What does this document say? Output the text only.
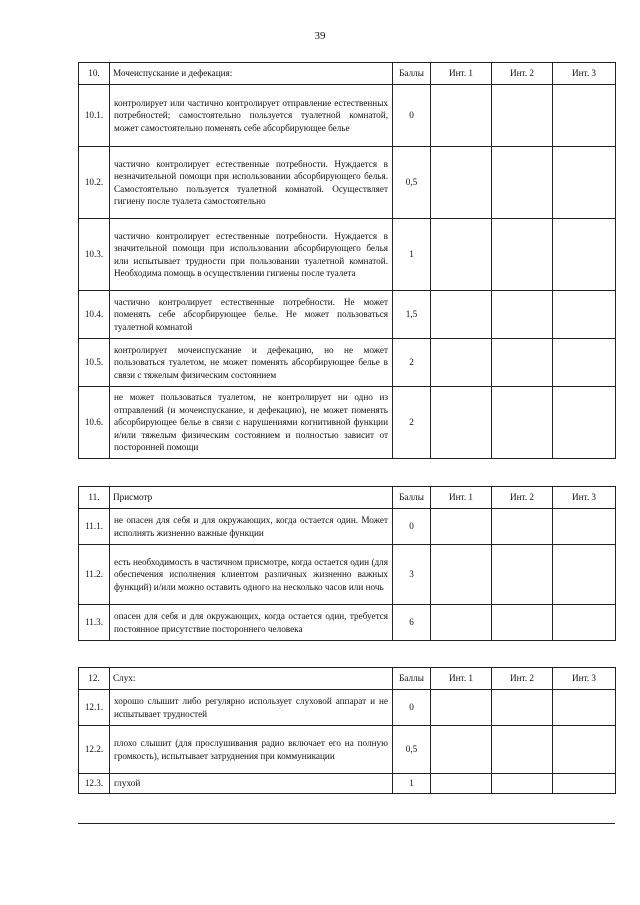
39
10.	Мочеиспускание и дефекация:	Баллы	Инт. 1	Инт. 2	Инт. 3
10.1.	контролирует или частично контролирует отправление естественных потребностей; самостоятельно пользуется туалетной комнатой, может самостоятельно поменять себе абсорбирующее белье	0			
10.2.	частично контролирует естественные потребности. Нуждается в незначительной помощи при использовании абсорбирующего белья. Самостоятельно пользуется туалетной комнатой. Осуществляет гигиену после туалета самостоятельно	0,5			
10.3.	частично контролирует естественные потребности. Нуждается в значительной помощи при использовании абсорбирующего белья или испытывает трудности при пользовании туалетной комнатой. Необходима помощь в осуществлении гигиены после туалета	1			
10.4.	частично контролирует естественные потребности. Не может поменять себе абсорбирующее белье. Не может пользоваться туалетной комнатой	1,5			
10.5.	контролирует мочеиспускание и дефекацию, но не может пользоваться туалетом, не может поменять абсорбирующее белье в связи с тяжелым физическим состоянием	2			
10.6.	не может пользоваться туалетом, не контролирует ни одно из отправлений (и мочеиспускание, и дефекацию), не может поменять абсорбирующее белье в связи с нарушениями когнитивной функции и/или тяжелым физическим состоянием и полностью зависит от посторонней помощи	2			
11.	Присмотр	Баллы	Инт. 1	Инт. 2	Инт. 3
11.1.	не опасен для себя и для окружающих, когда остается один. Может исполнять жизненно важные функции	0			
11.2.	есть необходимость в частичном присмотре, когда остается один (для обеспечения исполнения клиентом различных жизненно важных функций) и/или можно оставить одного на несколько часов или ночь	3			
11.3.	опасен для себя и для окружающих, когда остается один, требуется постоянное присутствие постороннего человека	6			
12.	Слух:	Баллы	Инт. 1	Инт. 2	Инт. 3
12.1.	хорошо слышит либо регулярно использует слуховой аппарат и не испытывает трудностей	0			
12.2.	плохо слышит (для прослушивания радио включает его на полную громкость), испытывает затруднения при коммуникации	0,5			
12.3.	глухой	1			
